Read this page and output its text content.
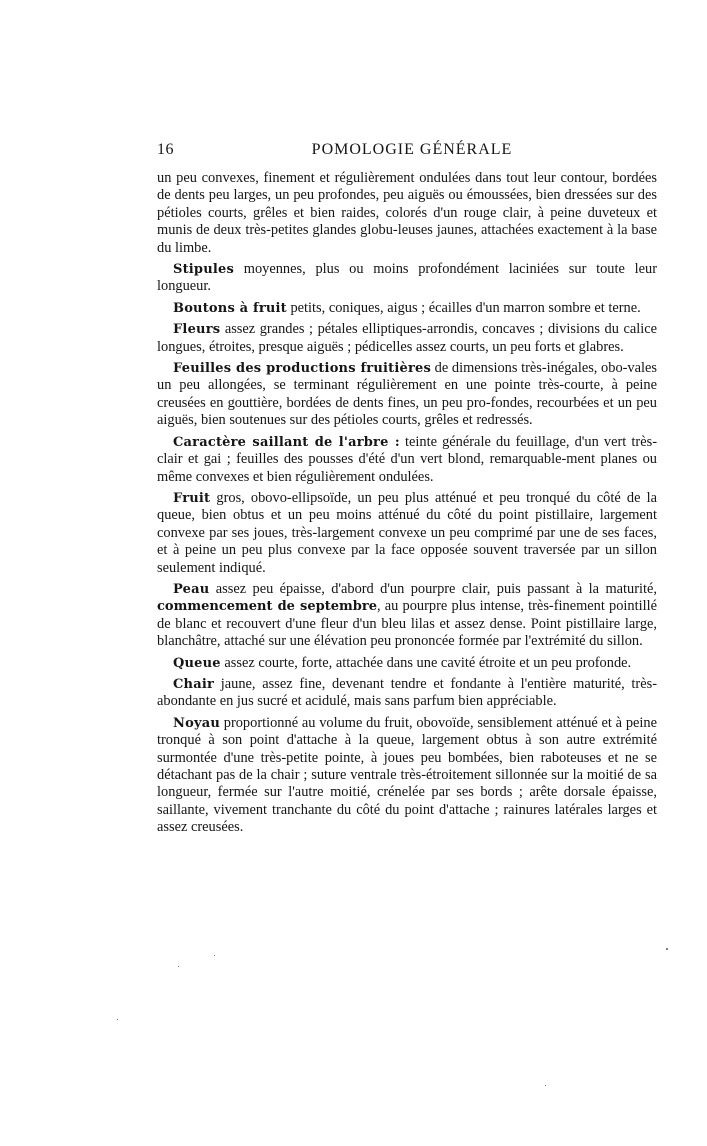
16	POMOLOGIE GÉNÉRALE

un peu convexes, finement et régulièrement ondulées dans tout leur contour, bordées de dents peu larges, un peu profondes, peu aiguës ou émoussées, bien dressées sur des pétioles courts, grêles et bien raides, colorés d'un rouge clair, à peine duveteux et munis de deux très-petites glandes globu-leuses jaunes, attachées exactement à la base du limbe.

Stipules moyennes, plus ou moins profondément laciniées sur toute leur longueur.

Boutons à fruit petits, coniques, aigus ; écailles d'un marron sombre et terne.

Fleurs assez grandes ; pétales elliptiques-arrondis, concaves ; divisions du calice longues, étroites, presque aiguës ; pédicelles assez courts, un peu forts et glabres.

Feuilles des productions fruitières de dimensions très-inégales, obo-vales un peu allongées, se terminant régulièrement en une pointe très-courte, à peine creusées en gouttière, bordées de dents fines, un peu pro-fondes, recourbées et un peu aiguës, bien soutenues sur des pétioles courts, grêles et redressés.

Caractère saillant de l'arbre : teinte générale du feuillage, d'un vert très-clair et gai ; feuilles des pousses d'été d'un vert blond, remarquable-ment planes ou même convexes et bien régulièrement ondulées.

Fruit gros, obovo-ellipsoïde, un peu plus atténué et peu tronqué du côté de la queue, bien obtus et un peu moins atténué du côté du point pistillaire, largement convexe par ses joues, très-largement convexe un peu comprimé par une de ses faces, et à peine un peu plus convexe par la face opposée souvent traversée par un sillon seulement indiqué.

Peau assez peu épaisse, d'abord d'un pourpre clair, puis passant à la maturité, commencement de septembre, au pourpre plus intense, très-finement pointillé de blanc et recouvert d'une fleur d'un bleu lilas et assez dense. Point pistillaire large, blanchâtre, attaché sur une élévation peu prononcée formée par l'extrémité du sillon.

Queue assez courte, forte, attachée dans une cavité étroite et un peu profonde.

Chair jaune, assez fine, devenant tendre et fondante à l'entière maturité, très-abondante en jus sucré et acidulé, mais sans parfum bien appréciable.

Noyau proportionné au volume du fruit, obovoïde, sensiblement atténué et à peine tronqué à son point d'attache à la queue, largement obtus à son autre extrémité surmontée d'une très-petite pointe, à joues peu bombées, bien raboteuses et ne se détachant pas de la chair ; suture ventrale très-étroitement sillonnée sur la moitié de sa longueur, fermée sur l'autre moitié, crénelée par ses bords ; arête dorsale épaisse, saillante, vivement tranchante du côté du point d'attache ; rainures latérales larges et assez creusées.
